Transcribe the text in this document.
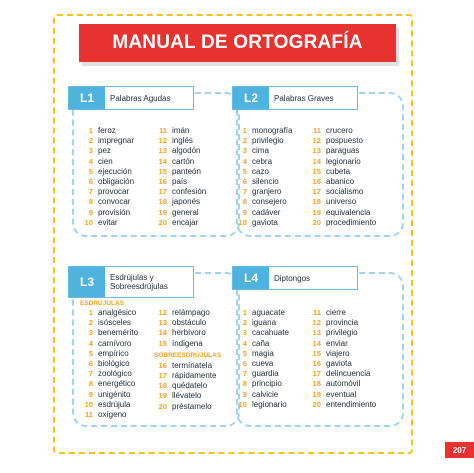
MANUAL DE ORTOGRAFÍA
L1	Palabras Agudas
1 feroz
2 impregnar
3 pez
4 cien
5 ejecución
6 obligación
7 provocar
8 convocar
9 provisión
10 evitar
11 imán
12 inglés
13 algodón
14 cartón
15 panteón
16 país
17 confesión
18 japonés
19 general
20 encajar
L2	Palabras Graves
1 monografía
2 privilegio
3 cima
4 cebra
5 cazo
6 silencio
7 granjero
8 consejero
9 cadáver
10 gaviota
11 crucero
12 pospuesto
13 paraguas
14 legionario
15 cubeta
16 abanico
17 socialismo
18 universo
19 equivalencia
20 procedimiento
L3	Esdrújulas y Sobreesdrújulas
ESDRÚJULAS
1 analgésico
2 isósceles
3 benemérito
4 carnívoro
5 empírico
6 biológico
7 zoológico
8 energético
9 unigénito
10 esdrújula
11 oxígeno
12 relámpago
13 obstáculo
14 herbívoro
15 índigena
SOBREESDRÚJULAS
16 termínatela
17 rápidamente
18 quédatelo
19 llévatelo
20 préstamelo
L4	Diptongos
1 aguacate
2 iguana
3 cacahuate
4 caña
5 magia
6 cueva
7 guardia
8 principio
9 calvicie
10 legionario
11 cierre
12 provincia
13 privilegio
14 enviar
15 viajero
16 gaviota
17 delincuencia
18 automóvil
19 eventual
20 entendimiento
207
